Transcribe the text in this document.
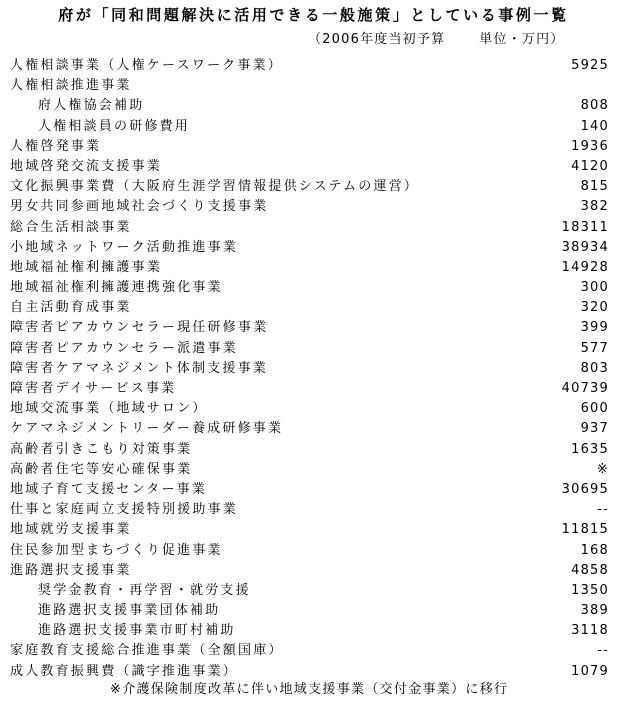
府が「同和問題解決に活用できる一般施策」としている事例一覧
（2006年度当初予算	単位・万円）
人権相談事業（人権ケースワーク事業）	5925
人権相談推進事業
府人権協会補助	808
人権相談員の研修費用	140
人権啓発事業	1936
地域啓発交流支援事業	4120
文化振興事業費（大阪府生涯学習情報提供システムの運営）	815
男女共同参画地域社会づくり支援事業	382
総合生活相談事業	18311
小地域ネットワーク活動推進事業	38934
地域福祉権利擁護事業	14928
地域福祉権利擁護連携強化事業	300
自主活動育成事業	320
障害者ピアカウンセラー現任研修事業	399
障害者ピアカウンセラー派遣事業	577
障害者ケアマネジメント体制支援事業	803
障害者デイサービス事業	40739
地域交流事業（地域サロン）	600
ケアマネジメントリーダー養成研修事業	937
高齢者引きこもり対策事業	1635
高齢者住宅等安心確保事業	※
地域子育て支援センター事業	30695
仕事と家庭両立支援特別援助事業	--
地域就労支援事業	11815
住民参加型まちづくり促進事業	168
進路選択支援事業	4858
奨学金教育・再学習・就労支援	1350
進路選択支援事業団体補助	389
進路選択支援事業市町村補助	3118
家庭教育支援総合推進事業（全額国庫）	--
成人教育振興費（識字推進事業）	1079
※介護保険制度改革に伴い地域支援事業（交付金事業）に移行
